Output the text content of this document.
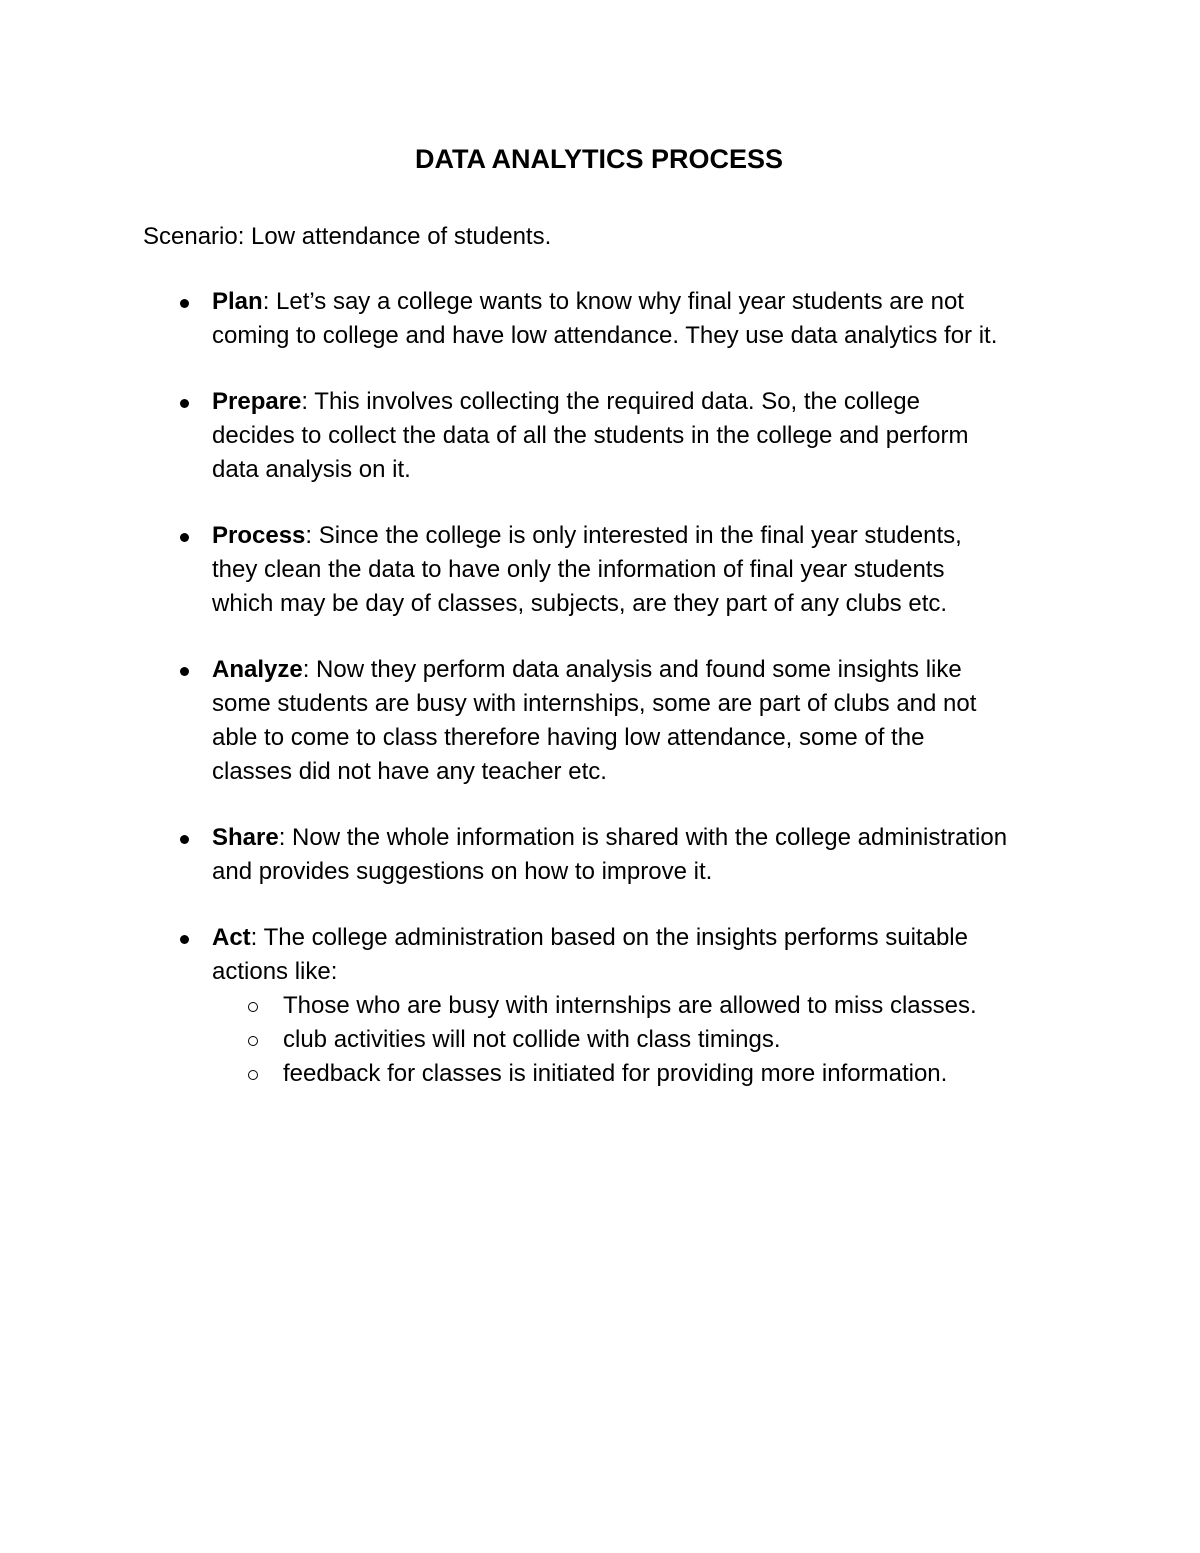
DATA ANALYTICS PROCESS
Scenario: Low attendance of students.
Plan: Let’s say a college wants to know why final year students are not
coming to college and have low attendance. They use data analytics for it.
Prepare: This involves collecting the required data. So, the college
decides to collect the data of all the students in the college and perform
data analysis on it.
Process: Since the college is only interested in the final year students,
they clean the data to have only the information of final year students
which may be day of classes, subjects, are they part of any clubs etc.
Analyze: Now they perform data analysis and found some insights like
some students are busy with internships, some are part of clubs and not
able to come to class therefore having low attendance, some of the
classes did not have any teacher etc.
Share: Now the whole information is shared with the college administration
and provides suggestions on how to improve it.
Act: The college administration based on the insights performs suitable
actions like:
Those who are busy with internships are allowed to miss classes.
club activities will not collide with class timings.
feedback for classes is initiated for providing more information.
